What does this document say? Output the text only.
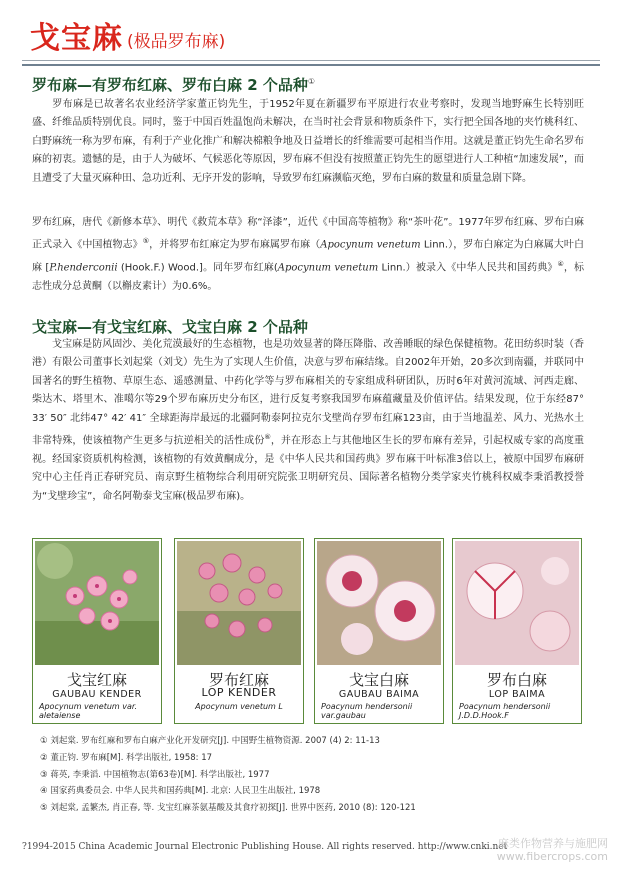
戈宝麻 (极品罗布麻)
罗布麻—有罗布红麻、罗布白麻 2 个品种①
罗布麻是已故著名农业经济学家董正钧先生，于1952年夏在新疆罗布平原进行农业考察时，发现当地野麻生长特别旺盛、纤维品质特别优良。同时，鉴于中国百姓温饱尚未解决，在当时社会背景和物质条件下，实行把全国各地的夹竹桃科红、白野麻统一称为罗布麻，有利于产业化推广和解决棉粮争地及日益增长的纤维需要可起相当作用。这就是董正钧先生命名罗布麻的初衷。遗憾的是，由于人为破坏、气候恶化等原因，罗布麻不但没有按照董正钧先生的愿望进行人工种植“加速发展”，而且遭受了大量灭麻种田、急功近利、无序开发的影响，导致罗布红麻濒临灭绝，罗布白麻的数量和质量急剧下降。
罗布红麻，唐代《新修本草》、明代《救荒本草》称“泽漆”，近代《中国高等植物》称“茶叶花”。1977年罗布红麻、罗布白麻正式录入《中国植物志》⑤，并将罗布红麻定为罗布麻属罗布麻（Apocynum venetum Linn.），罗布白麻定为白麻属大叶白麻 [P.henderconii (Hook.F.) Wood.]。同年罗布红麻(Apocynum venetum Linn.）被录入《中华人民共和国药典》④，标志性成分总黄酮（以槲皮素计）为0.6%。
戈宝麻—有戈宝红麻、戈宝白麻 2 个品种
戈宝麻是防风固沙、美化荒漠最好的生态植物，也是功效显著的降压降脂、改善睡眠的绿色保健植物。花田纺织时装（香港）有限公司董事长刘起棠（刘戈）先生为了实现人生价值，决意与罗布麻结缘。自2002年开始，20多次到南疆，并联同中国著名的野生植物、草原生态、遥感测量、中药化学等与罗布麻相关的专家组成科研团队，历时6年对黄河流域、河西走廊、柴达木、塔里木、准噶尔等29个罗布麻历史分布区，进行反复考察我国罗布麻蕴藏量及价值评估。结果发现，位于东经87° 33′ 50″ 北纬47° 42′ 41″ 全球距海岸最远的北疆阿勒泰阿拉克尔戈壁尚存罗布红麻123亩，由于当地温差、风力、光热水土非常特殊，使该植物产生更多与抗逆相关的活性成份⑥，并在形态上与其他地区生长的罗布麻有差异，引起权威专家的高度重视。经国家资质机构检测，该植物的有效黄酮成分，是《中华人民共和国药典》罗布麻干叶标准3倍以上，被原中国罗布麻研究中心主任肖正春研究员、南京野生植物综合利用研究院张卫明研究员、国际著名植物分类学家夹竹桃科权威李秉滔教授誉为“戈壁珍宝”，命名阿勒泰戈宝麻(极品罗布麻)。
戈宝红麻
GAUBAU KENDER
Apocynum venetum var.
aletaiense
罗布红麻
LOP KENDER
Apocynum venetum L
戈宝白麻
GAUBAU BAIMA
Poacynum hendersonii
var.gaubau
罗布白麻
LOP BAIMA
Poacynum hendersonii
J.D.D.Hook.F
① 刘起棠. 罗布红麻和罗布白麻产业化开发研究[J]. 中国野生植物资源. 2007 (4) 2: 11-13
② 董正钧. 罗布麻[M]. 科学出版社, 1958: 17
③ 蒋英, 李秉滔. 中国植物志(第63卷)[M]. 科学出版社, 1977
④ 国家药典委员会. 中华人民共和国药典[M]. 北京: 人民卫生出版社, 1978
⑤ 刘起棠, 孟繁杰, 肖正春, 等. 戈宝红麻茶氨基酸及其食疗初探[J]. 世界中医药, 2010 (8): 120-121
?1994-2015 China Academic Journal Electronic Publishing House. All rights reserved. http://www.cnki.net
麻类作物营养与施肥网
www.fibercrops.com
